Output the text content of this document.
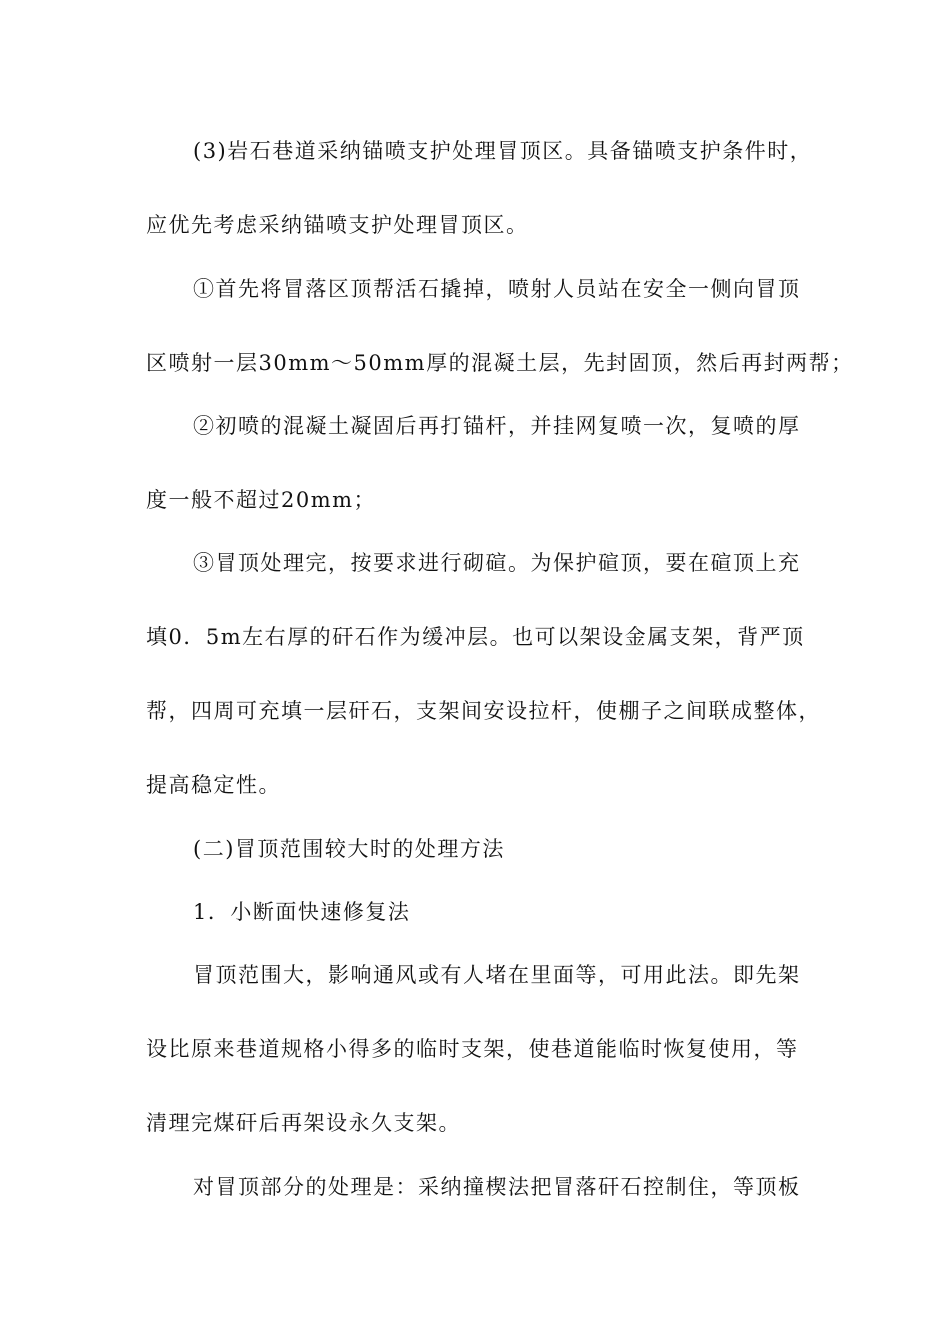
(3)岩石巷道采纳锚喷支护处理冒顶区。具备锚喷支护条件时，
应优先考虑采纳锚喷支护处理冒顶区。
①首先将冒落区顶帮活石撬掉，喷射人员站在安全一侧向冒顶
区喷射一层30mm～50mm厚的混凝土层，先封固顶，然后再封两帮；
②初喷的混凝土凝固后再打锚杆，并挂网复喷一次，复喷的厚
度一般不超过20mm；
③冒顶处理完，按要求进行砌碹。为保护碹顶，要在碹顶上充
填0．5m左右厚的矸石作为缓冲层。也可以架设金属支架，背严顶
帮，四周可充填一层矸石，支架间安设拉杆，使棚子之间联成整体，
提高稳定性。
(二)冒顶范围较大时的处理方法
1．小断面快速修复法
冒顶范围大，影响通风或有人堵在里面等，可用此法。即先架
设比原来巷道规格小得多的临时支架，使巷道能临时恢复使用，等
清理完煤矸后再架设永久支架。
对冒顶部分的处理是：采纳撞楔法把冒落矸石控制住，等顶板
